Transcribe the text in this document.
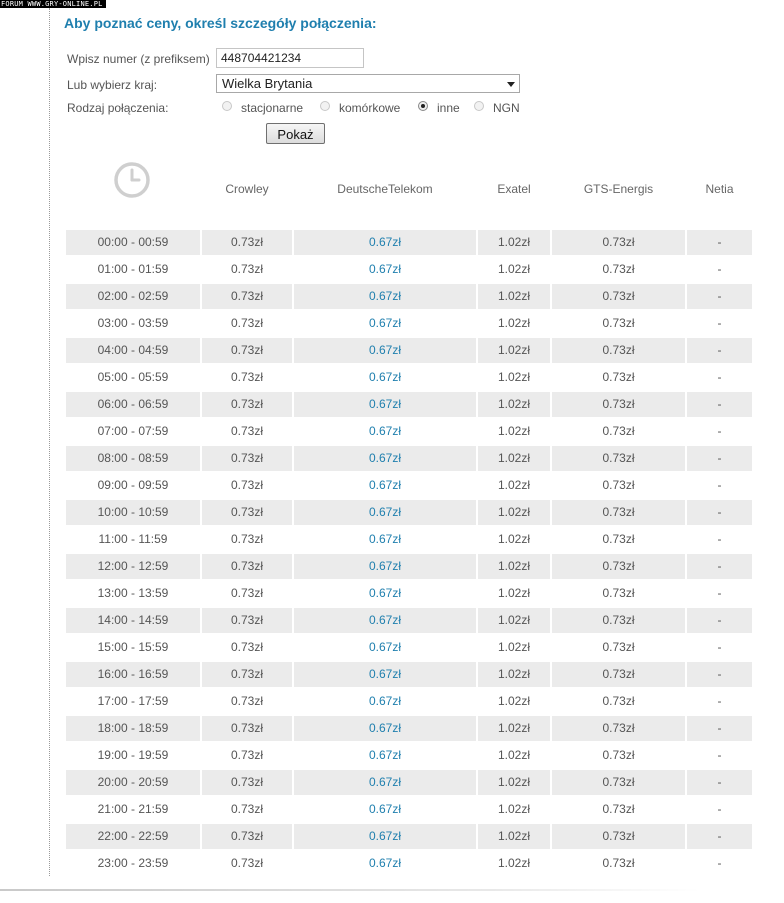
FORUM WWW.GRY-ONLINE.PL
Aby poznać ceny, określ szczegóły połączenia:
Wpisz numer (z prefiksem)
448704421234
Lub wybierz kraj:	Wielka Brytania
Rodzaj połączenia:	stacjonarne	komórkowe	inne	NGN
Pokaż
Crowley	DeutscheTelekom	Exatel	GTS-Energis	Netia
00:00 - 00:59	0.73zł	0.67zł	1.02zł	0.73zł	-
01:00 - 01:59	0.73zł	0.67zł	1.02zł	0.73zł	-
02:00 - 02:59	0.73zł	0.67zł	1.02zł	0.73zł	-
03:00 - 03:59	0.73zł	0.67zł	1.02zł	0.73zł	-
04:00 - 04:59	0.73zł	0.67zł	1.02zł	0.73zł	-
05:00 - 05:59	0.73zł	0.67zł	1.02zł	0.73zł	-
06:00 - 06:59	0.73zł	0.67zł	1.02zł	0.73zł	-
07:00 - 07:59	0.73zł	0.67zł	1.02zł	0.73zł	-
08:00 - 08:59	0.73zł	0.67zł	1.02zł	0.73zł	-
09:00 - 09:59	0.73zł	0.67zł	1.02zł	0.73zł	-
10:00 - 10:59	0.73zł	0.67zł	1.02zł	0.73zł	-
11:00 - 11:59	0.73zł	0.67zł	1.02zł	0.73zł	-
12:00 - 12:59	0.73zł	0.67zł	1.02zł	0.73zł	-
13:00 - 13:59	0.73zł	0.67zł	1.02zł	0.73zł	-
14:00 - 14:59	0.73zł	0.67zł	1.02zł	0.73zł	-
15:00 - 15:59	0.73zł	0.67zł	1.02zł	0.73zł	-
16:00 - 16:59	0.73zł	0.67zł	1.02zł	0.73zł	-
17:00 - 17:59	0.73zł	0.67zł	1.02zł	0.73zł	-
18:00 - 18:59	0.73zł	0.67zł	1.02zł	0.73zł	-
19:00 - 19:59	0.73zł	0.67zł	1.02zł	0.73zł	-
20:00 - 20:59	0.73zł	0.67zł	1.02zł	0.73zł	-
21:00 - 21:59	0.73zł	0.67zł	1.02zł	0.73zł	-
22:00 - 22:59	0.73zł	0.67zł	1.02zł	0.73zł	-
23:00 - 23:59	0.73zł	0.67zł	1.02zł	0.73zł	-
